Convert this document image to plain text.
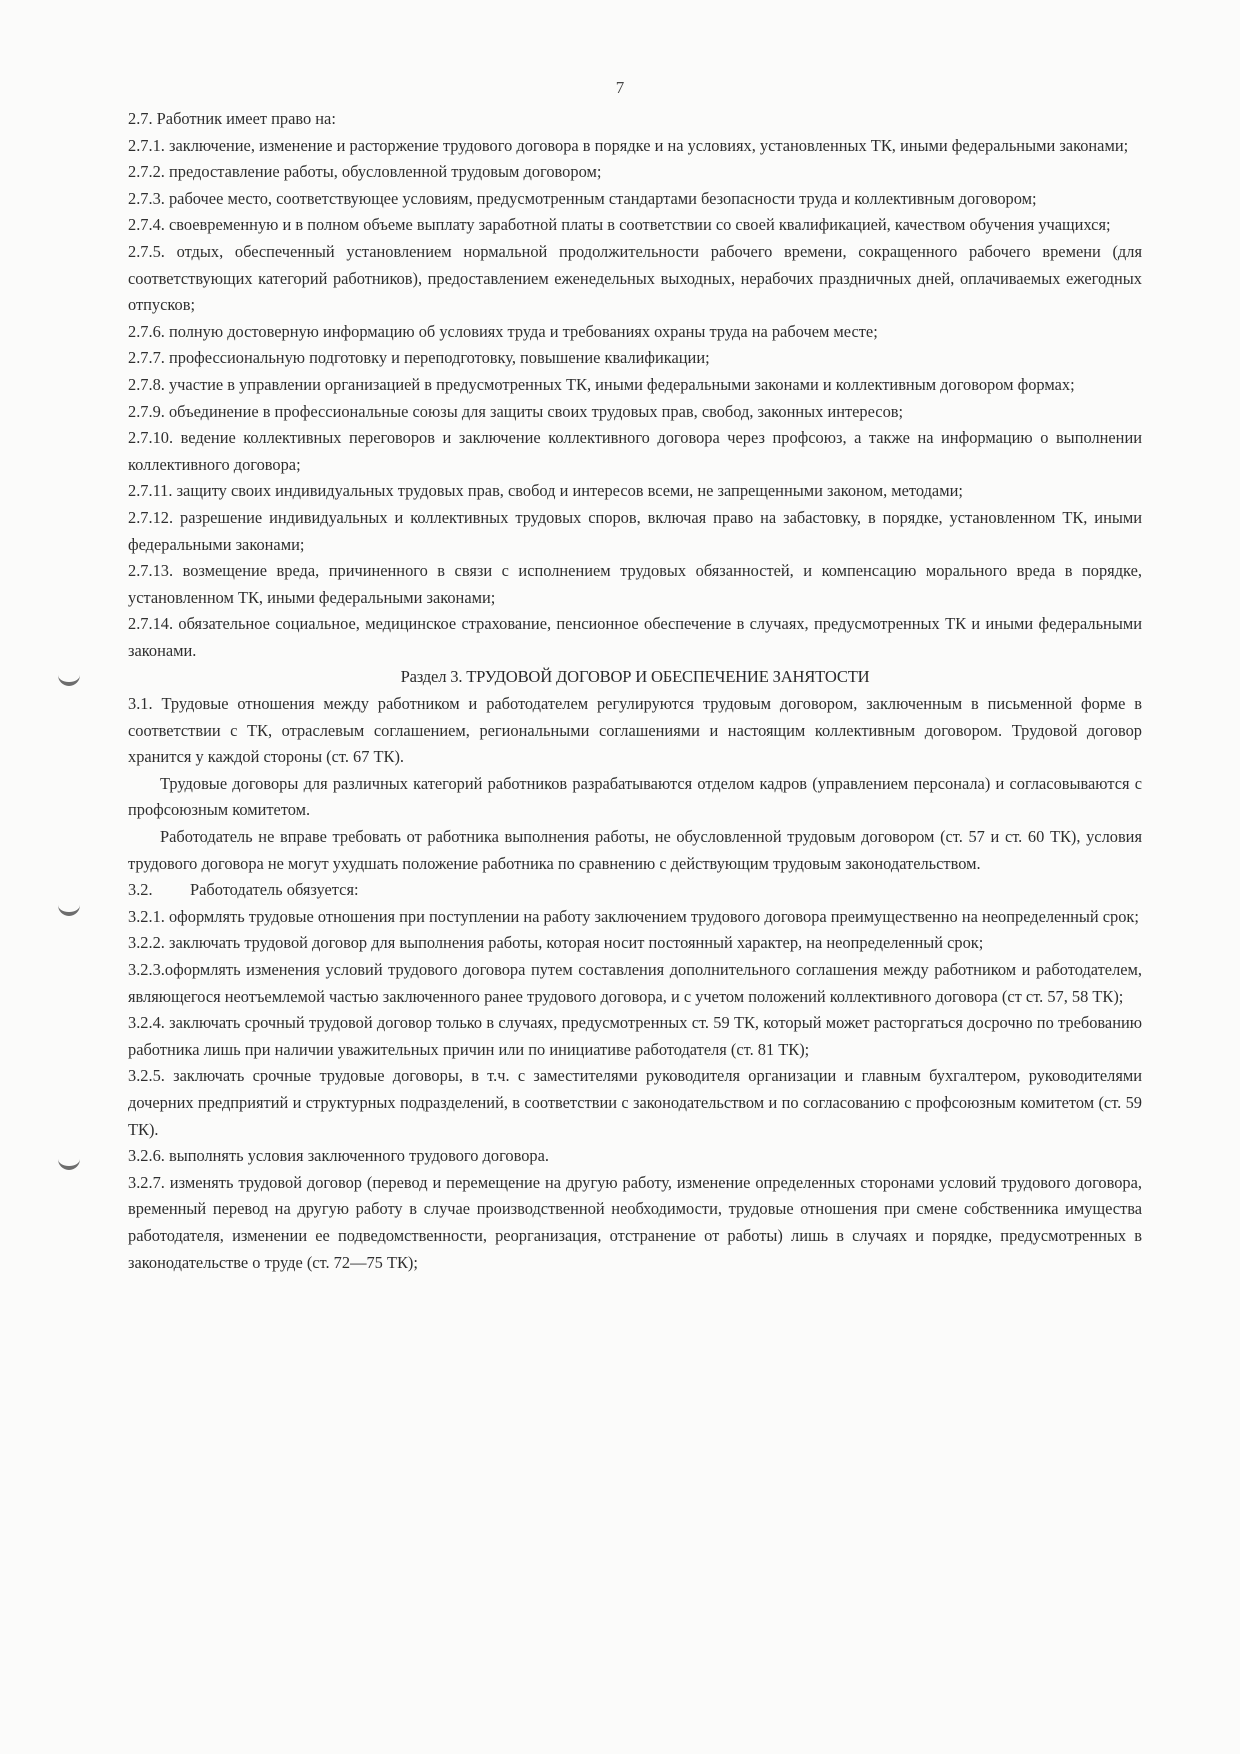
7

2.7. Работник имеет право на:

2.7.1. заключение, изменение и расторжение трудового договора в порядке и на условиях, установленных ТК, иными федеральными законами;

2.7.2. предоставление работы, обусловленной трудовым договором;

2.7.3. рабочее место, соответствующее условиям, предусмотренным стандартами безопасности труда и коллективным договором;

2.7.4. своевременную и в полном объеме выплату заработной платы в соответствии со своей квалификацией, качеством обучения учащихся;

2.7.5. отдых, обеспеченный установлением нормальной продолжительности рабочего времени, сокращенного рабочего времени (для соответствующих категорий работников), предоставлением еженедельных выходных, нерабочих праздничных дней, оплачиваемых ежегодных отпусков;

2.7.6. полную достоверную информацию об условиях труда и требованиях охраны труда на рабочем месте;

2.7.7. профессиональную подготовку и переподготовку, повышение квалификации;

2.7.8. участие в управлении организацией в предусмотренных ТК, иными федеральными законами и коллективным договором формах;

2.7.9. объединение в профессиональные союзы для защиты своих трудовых прав, свобод, законных интересов;

2.7.10. ведение коллективных переговоров и заключение коллективного договора через профсоюз, а также на информацию о выполнении коллективного договора;

2.7.11. защиту своих индивидуальных трудовых прав, свобод и интересов всеми, не запрещенными законом, методами;

2.7.12. разрешение индивидуальных и коллективных трудовых споров, включая право на забастовку, в порядке, установленном ТК, иными федеральными законами;

2.7.13. возмещение вреда, причиненного в связи с исполнением трудовых обязанностей, и компенсацию морального вреда в порядке, установленном ТК, иными федеральными законами;

2.7.14. обязательное социальное, медицинское страхование, пенсионное обеспечение в случаях, предусмотренных ТК и иными федеральными законами.

Раздел 3. ТРУДОВОЙ ДОГОВОР И ОБЕСПЕЧЕНИЕ ЗАНЯТОСТИ

3.1. Трудовые отношения между работником и работодателем регулируются трудовым договором, заключенным в письменной форме в соответствии с ТК, отраслевым соглашением, региональными соглашениями и настоящим коллективным договором. Трудовой договор хранится у каждой стороны (ст. 67 ТК).

Трудовые договоры для различных категорий работников разрабатываются отделом кадров (управлением персонала) и согласовываются с профсоюзным комитетом.

Работодатель не вправе требовать от работника выполнения работы, не обусловленной трудовым договором (ст. 57 и ст. 60 ТК), условия трудового договора не могут ухудшать положение работника по сравнению с действующим трудовым законодательством.

3.2. Работодатель обязуется:

3.2.1. оформлять трудовые отношения при поступлении на работу заключением трудового договора преимущественно на неопределенный срок;

3.2.2. заключать трудовой договор для выполнения работы, которая носит постоянный характер, на неопределенный срок;

3.2.3.оформлять изменения условий трудового договора путем составления дополнительного соглашения между работником и работодателем, являющегося неотъемлемой частью заключенного ранее трудового договора, и с учетом положений коллективного договора (ст ст. 57, 58 ТК);

3.2.4. заключать срочный трудовой договор только в случаях, предусмотренных ст. 59 ТК, который может расторгаться досрочно по требованию работника лишь при наличии уважительных причин или по инициативе работодателя (ст. 81 ТК);

3.2.5. заключать срочные трудовые договоры, в т.ч. с заместителями руководителя организации и главным бухгалтером, руководителями дочерних предприятий и структурных подразделений, в соответствии с законодательством и по согласованию с профсоюзным комитетом (ст. 59 ТК).

3.2.6. выполнять условия заключенного трудового договора.

3.2.7. изменять трудовой договор (перевод и перемещение на другую работу, изменение определенных сторонами условий трудового договора, временный перевод на другую работу в случае производственной необходимости, трудовые отношения при смене собственника имущества работодателя, изменении ее подведомственности, реорганизация, отстранение от работы) лишь в случаях и порядке, предусмотренных в законодательстве о труде (ст. 72—75 ТК);
